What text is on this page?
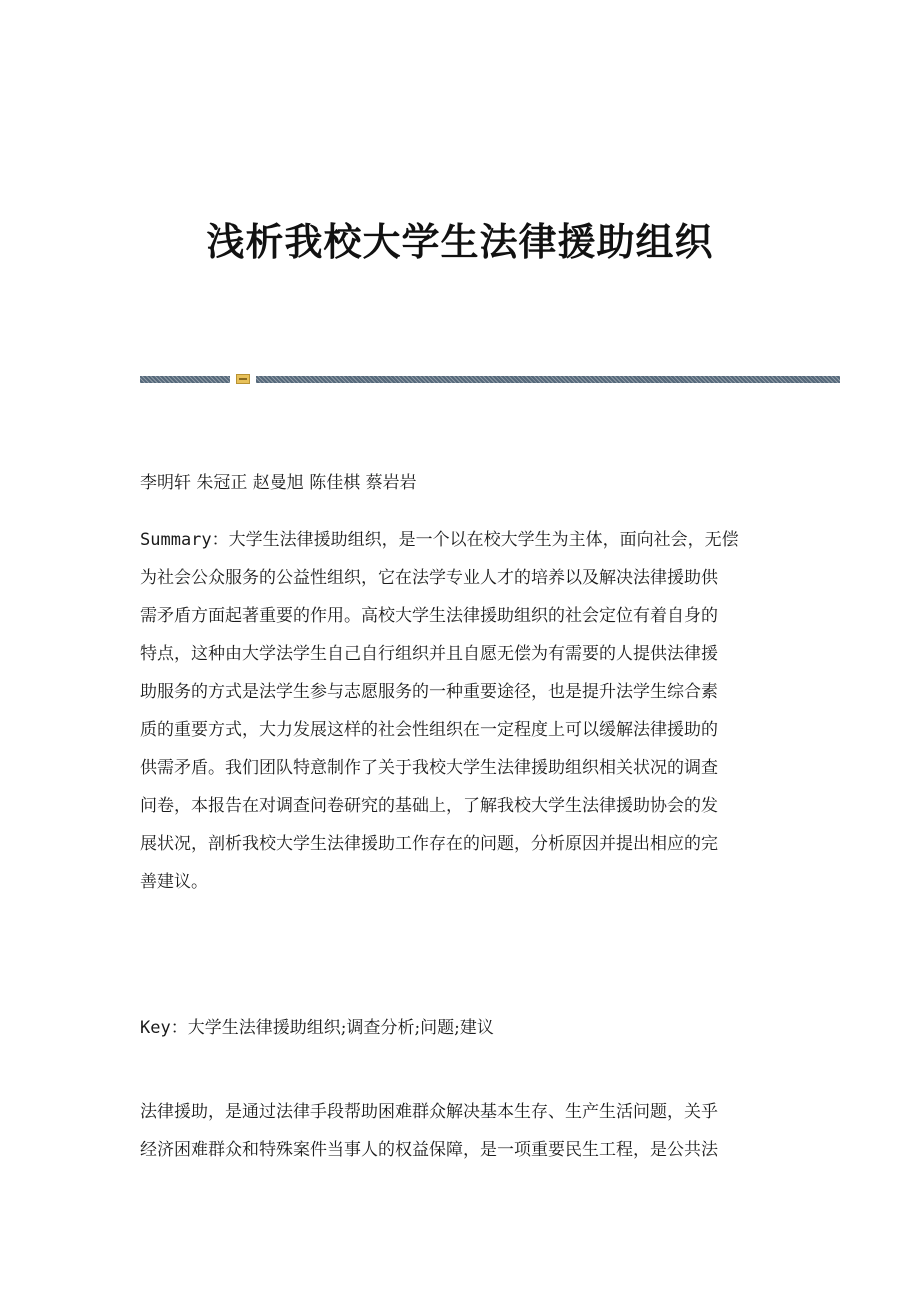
浅析我校大学生法律援助组织

李明轩 朱冠正 赵曼旭 陈佳棋 蔡岩岩

Summary：大学生法律援助组织，是一个以在校大学生为主体，面向社会，无偿
为社会公众服务的公益性组织，它在法学专业人才的培养以及解决法律援助供
需矛盾方面起著重要的作用。高校大学生法律援助组织的社会定位有着自身的
特点，这种由大学法学生自己自行组织并且自愿无偿为有需要的人提供法律援
助服务的方式是法学生参与志愿服务的一种重要途径，也是提升法学生综合素
质的重要方式，大力发展这样的社会性组织在一定程度上可以缓解法律援助的
供需矛盾。我们团队特意制作了关于我校大学生法律援助组织相关状况的调查
问卷，本报告在对调查问卷研究的基础上，了解我校大学生法律援助协会的发
展状况，剖析我校大学生法律援助工作存在的问题，分析原因并提出相应的完
善建议。

Key：大学生法律援助组织;调查分析;问题;建议

法律援助，是通过法律手段帮助困难群众解决基本生存、生产生活问题，关乎
经济困难群众和特殊案件当事人的权益保障，是一项重要民生工程，是公共法
